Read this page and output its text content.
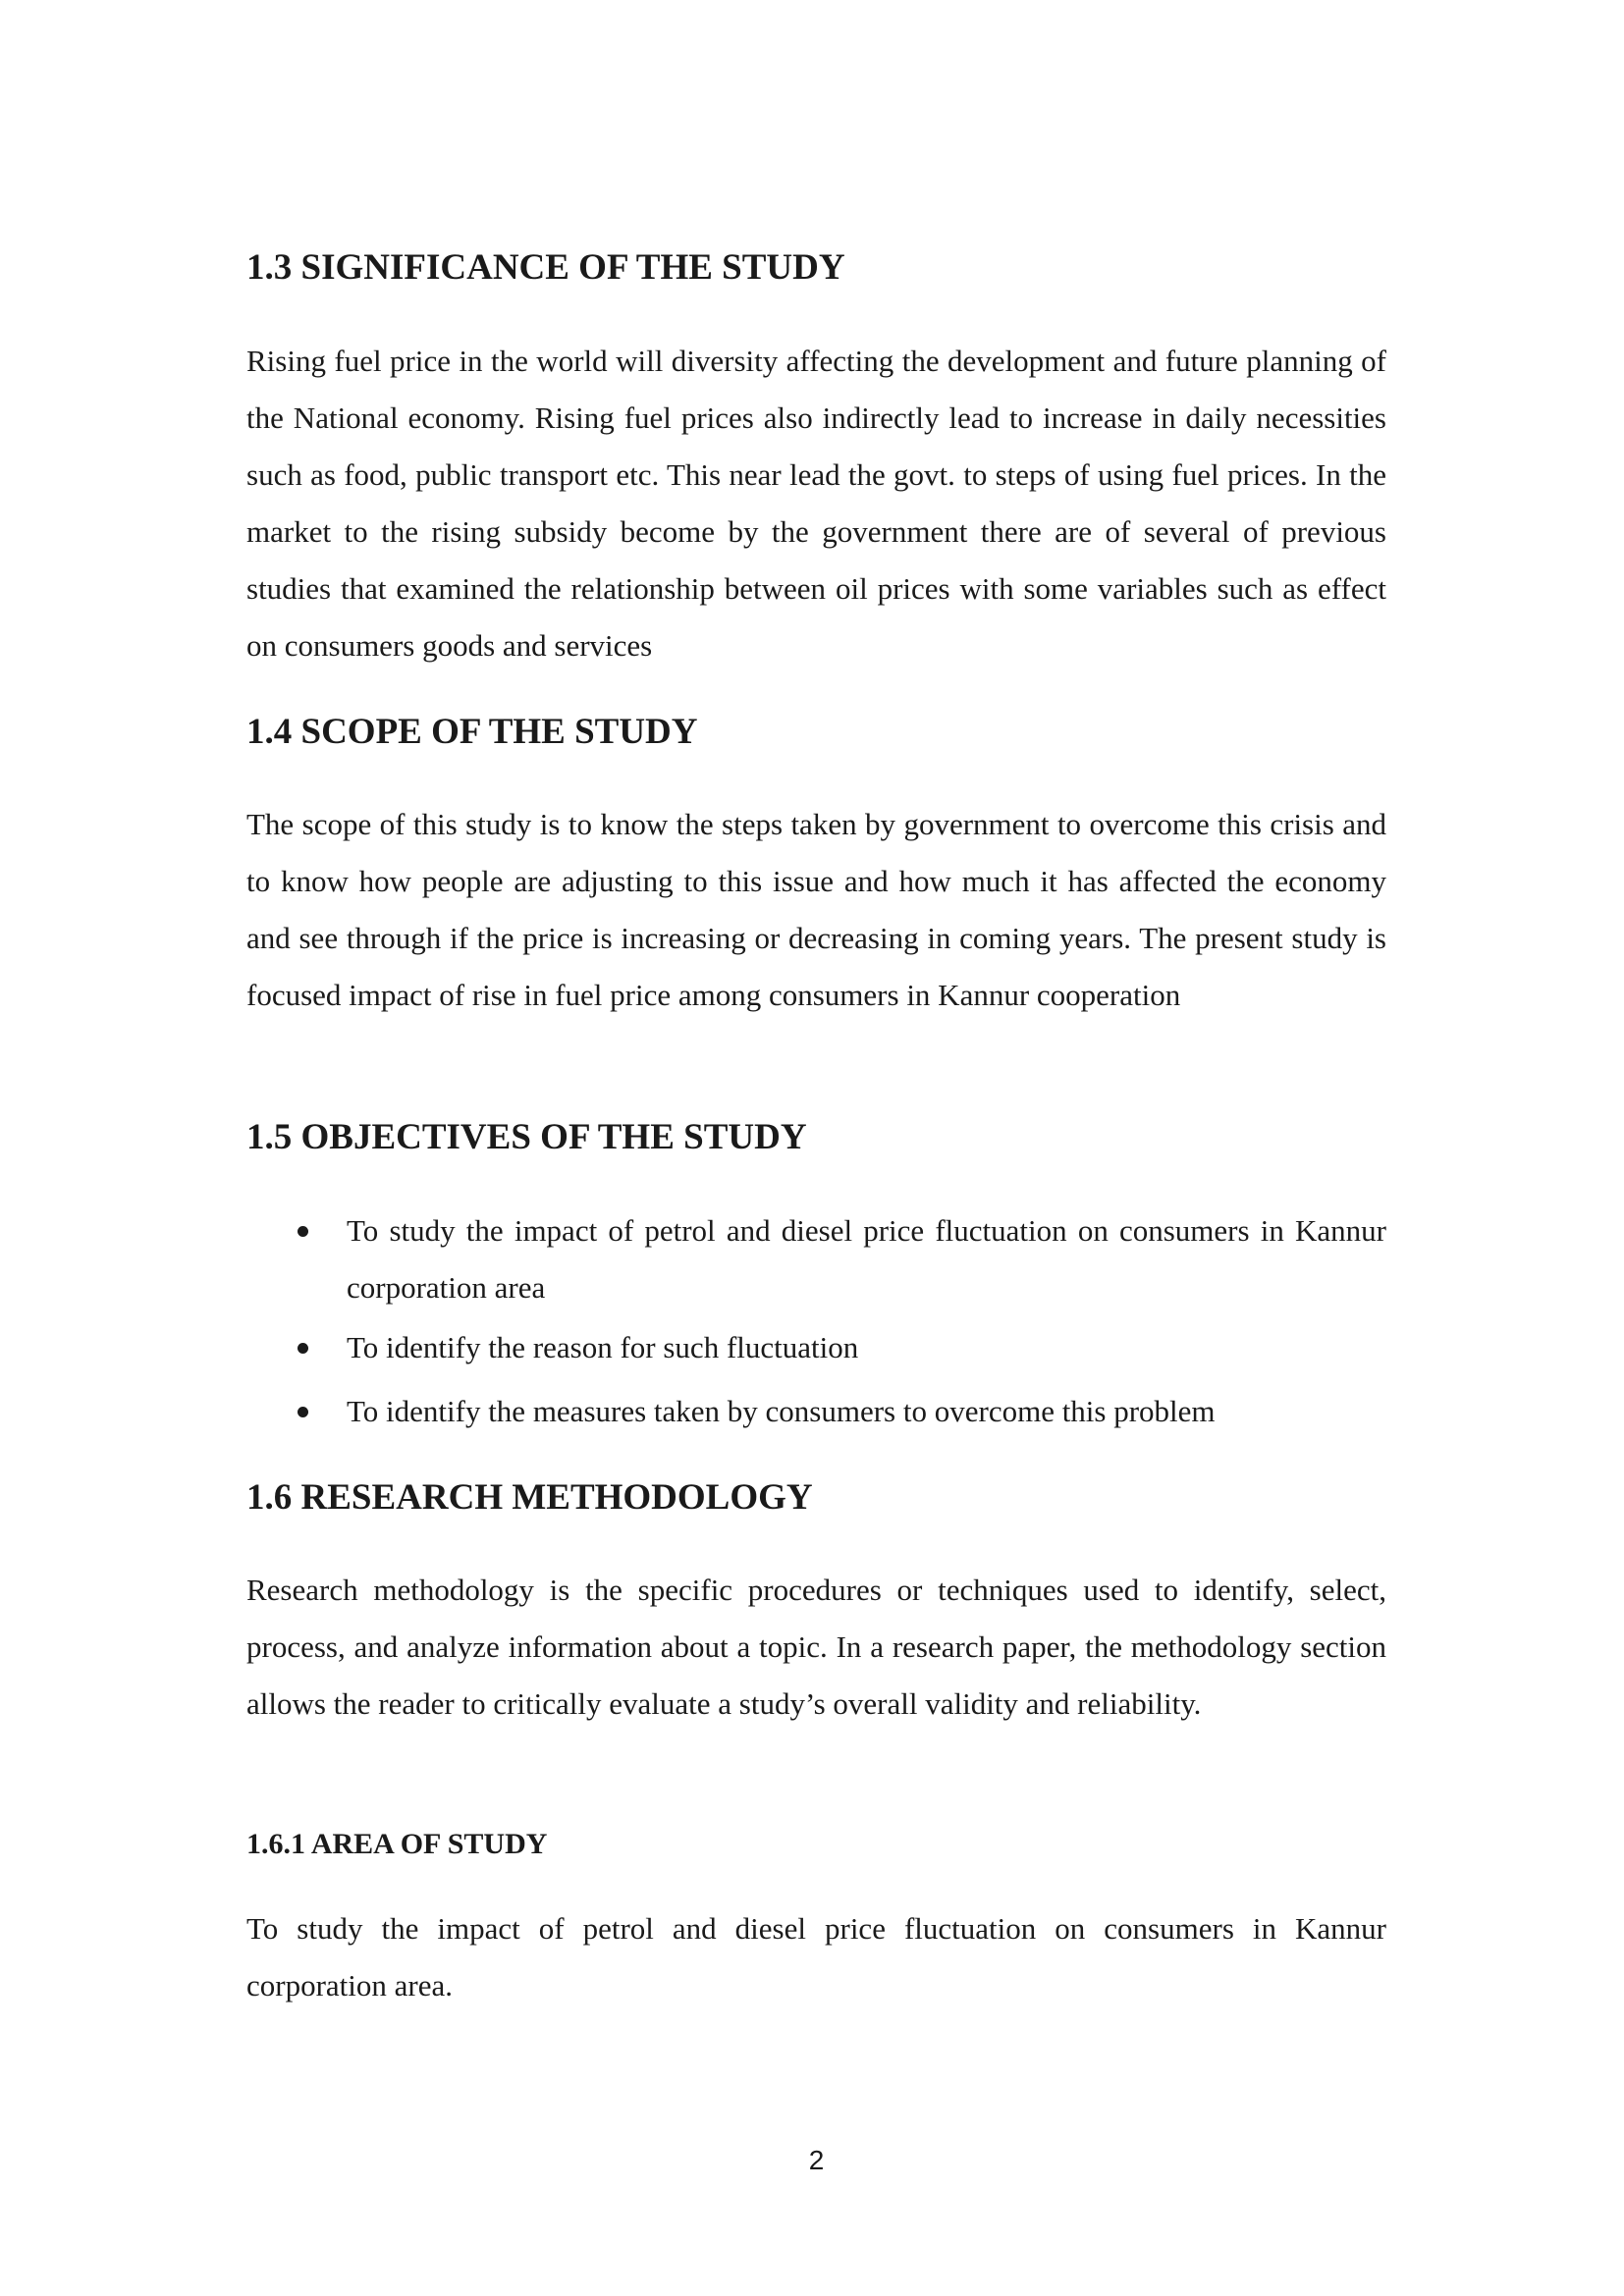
1.3 SIGNIFICANCE OF THE STUDY

Rising fuel price in the world will diversity affecting the development and future planning of the National economy. Rising fuel prices also indirectly lead to increase in daily necessities such as food, public transport etc. This near lead the govt. to steps of using fuel prices. In the market to the rising subsidy become by the government there are of several of previous studies that examined the relationship between oil prices with some variables such as effect on consumers goods and services

1.4 SCOPE OF THE STUDY

The scope of this study is to know the steps taken by government to overcome this crisis and to know how people are adjusting to this issue and how much it has affected the economy and see through if the price is increasing or decreasing in coming years. The present study is focused impact of rise in fuel price among consumers in Kannur cooperation

1.5 OBJECTIVES OF THE STUDY
To study the impact of petrol and diesel price fluctuation on consumers in Kannur corporation area
To identify the reason for such fluctuation
To identify the measures taken by consumers to overcome this problem
1.6 RESEARCH METHODOLOGY

Research methodology is the specific procedures or techniques used to identify, select, process, and analyze information about a topic. In a research paper, the methodology section allows the reader to critically evaluate a study’s overall validity and reliability.

1.6.1 AREA OF STUDY

To study the impact of petrol and diesel price fluctuation on consumers in Kannur corporation area.

2
